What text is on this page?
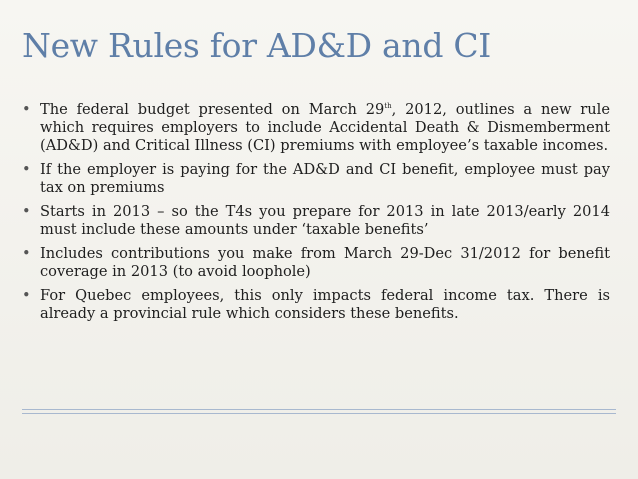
New Rules for AD&D and CI
• The federal budget presented on March 29th, 2012, outlines a new rule which requires employers to include Accidental Death & Dismemberment (AD&D) and Critical Illness (CI) premiums with employee’s taxable incomes.
• If the employer is paying for the AD&D and CI benefit, employee must pay tax on premiums
• Starts in 2013 – so the T4s you prepare for 2013 in late 2013/early 2014 must include these amounts under ‘taxable benefits’
• Includes contributions you make from March 29-Dec 31/2012 for benefit coverage in 2013 (to avoid loophole)
• For Quebec employees, this only impacts federal income tax. There is already a provincial rule which considers these benefits.
